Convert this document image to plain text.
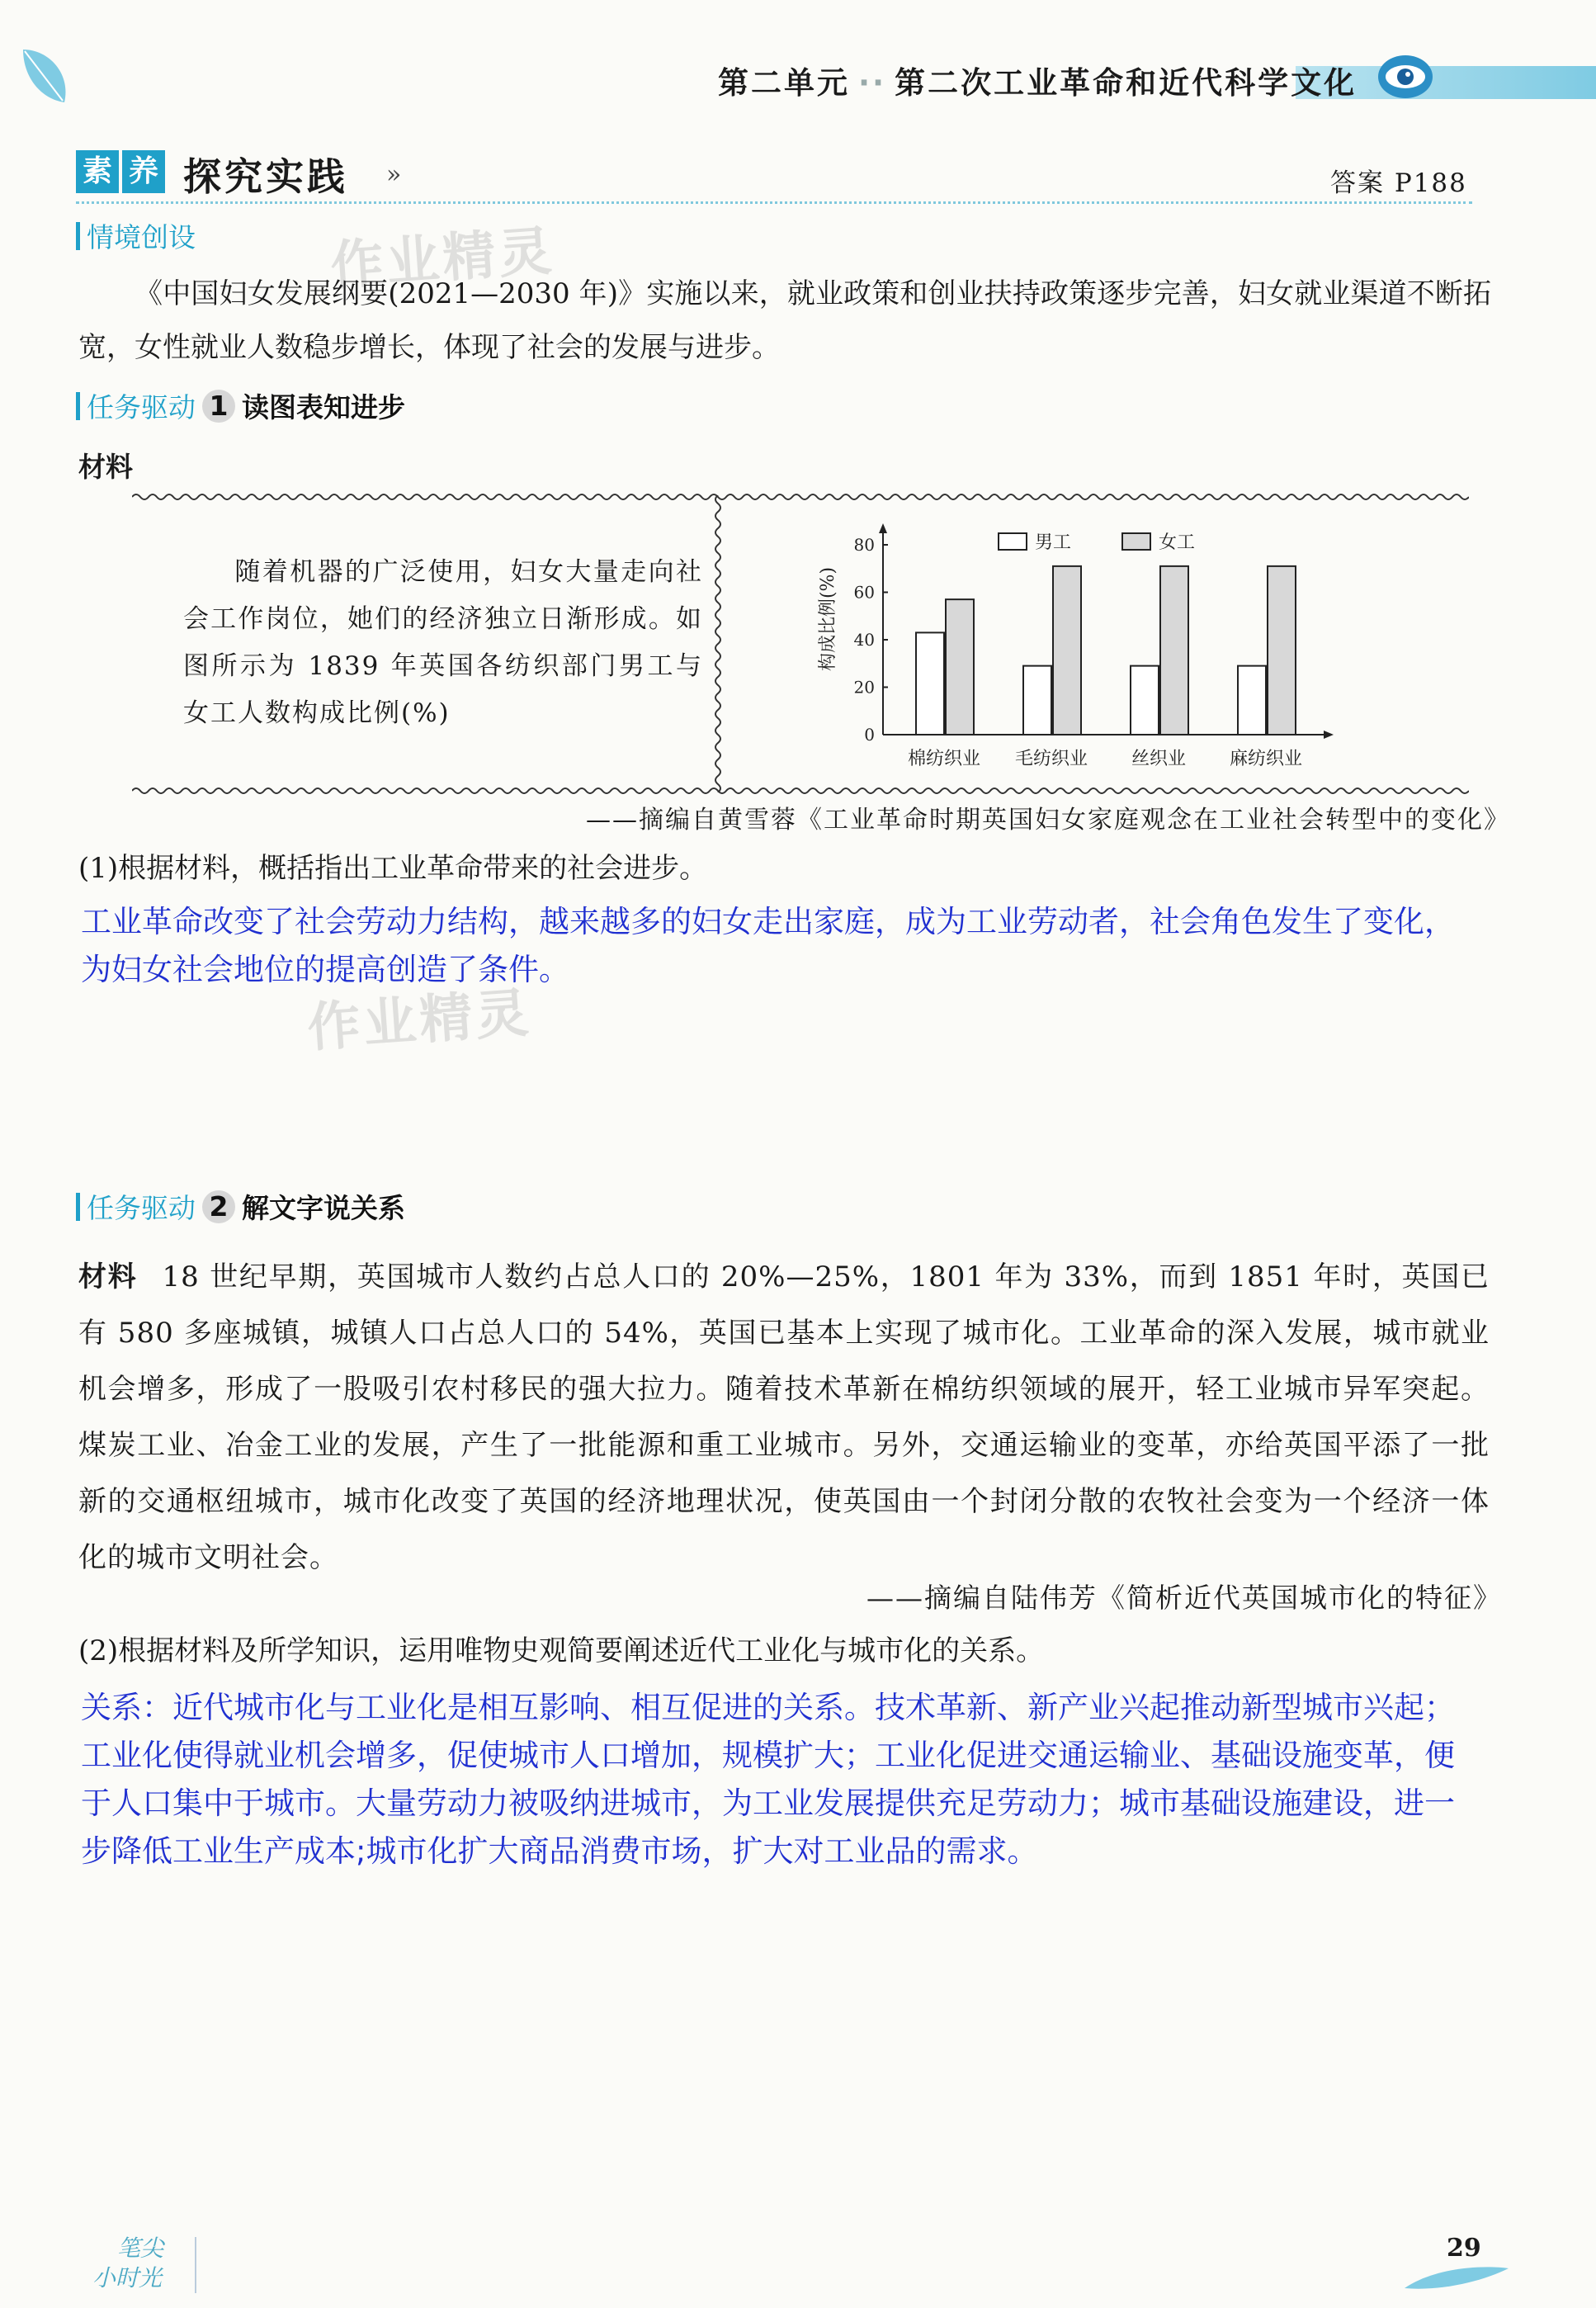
第二单元 ·· 第二次工业革命和近代科学文化
素 养 探究实践 »	答案 P188
情境创设	作业精灵
《中国妇女发展纲要(2021—2030 年)》实施以来，就业政策和创业扶持政策逐步完善，妇女就业渠道不断拓宽，女性就业人数稳步增长，体现了社会的发展与进步。
任务驱动 1 读图表知进步
材料
随着机器的广泛使用，妇女大量走向社会工作岗位，她们的经济独立日渐形成。如图所示为 1839 年英国各纺织部门男工与女工人数构成比例(%)
构成比例(%)
0
20
40
60
80
棉纺织业 毛纺织业 丝织业 麻纺织业
男工	女工
——摘编自黄雪蓉《工业革命时期英国妇女家庭观念在工业社会转型中的变化》
(1)根据材料，概括指出工业革命带来的社会进步。
工业革命改变了社会劳动力结构，越来越多的妇女走出家庭，成为工业劳动者，社会角色发生了变化，为妇女社会地位的提高创造了条件。
作业精灵
任务驱动 2 解文字说关系
材料 18 世纪早期，英国城市人数约占总人口的 20%—25%，1801 年为 33%，而到 1851 年时，英国已有 580 多座城镇，城镇人口占总人口的 54%，英国已基本上实现了城市化。工业革命的深入发展，城市就业机会增多，形成了一股吸引农村移民的强大拉力。随着技术革新在棉纺织领域的展开，轻工业城市异军突起。煤炭工业、冶金工业的发展，产生了一批能源和重工业城市。另外，交通运输业的变革，亦给英国平添了一批新的交通枢纽城市，城市化改变了英国的经济地理状况，使英国由一个封闭分散的农牧社会变为一个经济一体化的城市文明社会。
——摘编自陆伟芳《简析近代英国城市化的特征》
(2)根据材料及所学知识，运用唯物史观简要阐述近代工业化与城市化的关系。
关系：近代城市化与工业化是相互影响、相互促进的关系。技术革新、新产业兴起推动新型城市兴起；工业化使得就业机会增多，促使城市人口增加，规模扩大；工业化促进交通运输业、基础设施变革，便于人口集中于城市。大量劳动力被吸纳进城市，为工业发展提供充足劳动力；城市基础设施建设，进一步降低工业生产成本;城市化扩大商品消费市场，扩大对工业品的需求。
笔尖
小时光
29
